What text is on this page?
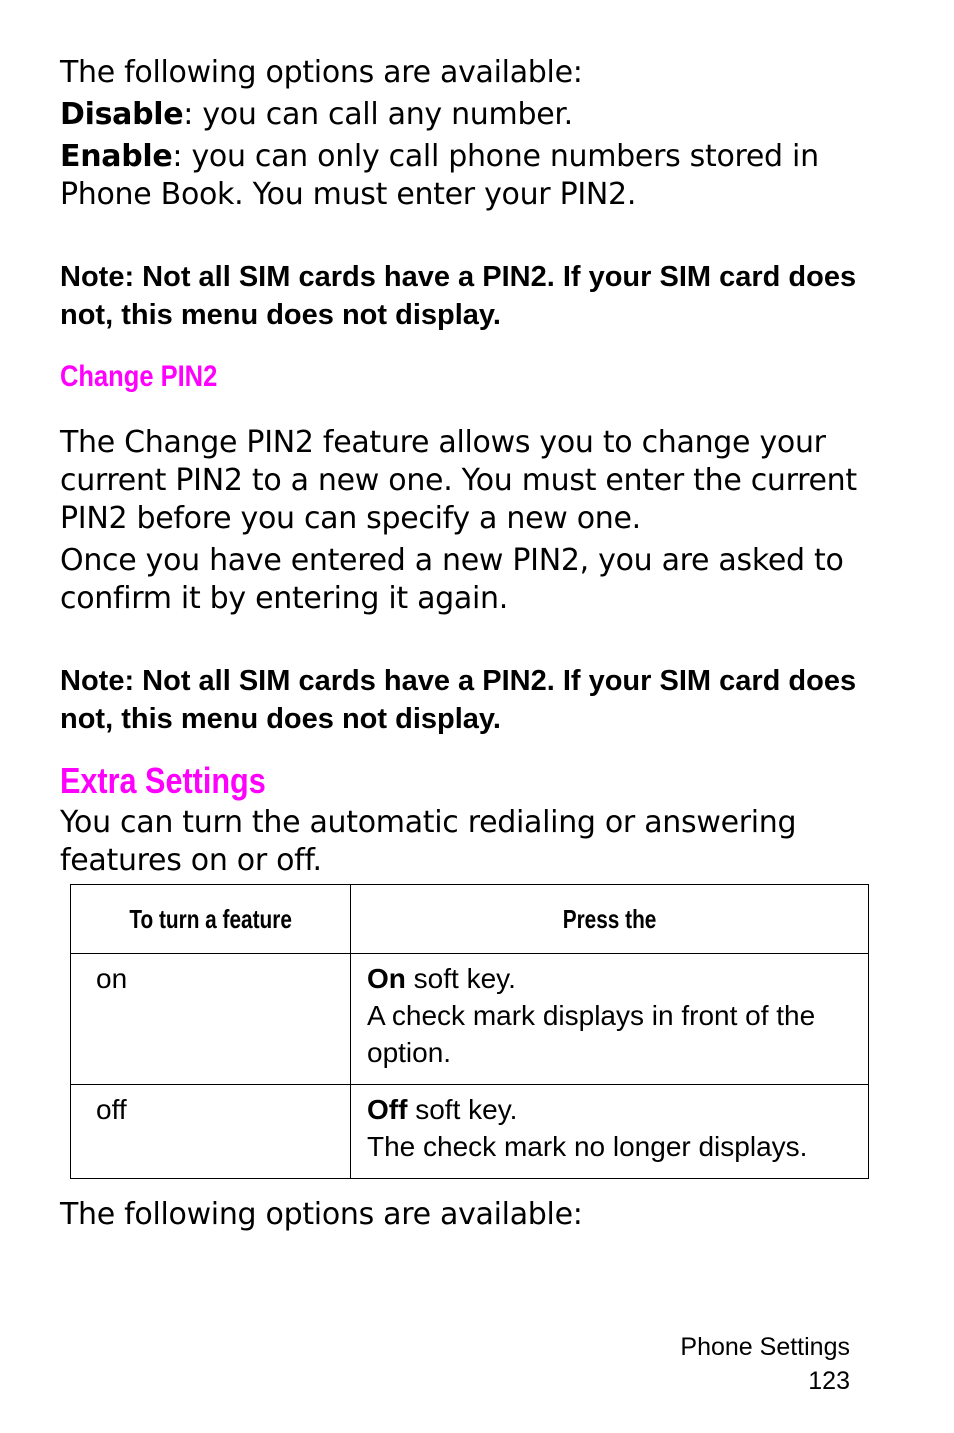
The following options are available:

Disable: you can call any number.

Enable: you can only call phone numbers stored in Phone Book. You must enter your PIN2.

Note: Not all SIM cards have a PIN2. If your SIM card does not, this menu does not display.

Change PIN2

The Change PIN2 feature allows you to change your current PIN2 to a new one. You must enter the current PIN2 before you can specify a new one.

Once you have entered a new PIN2, you are asked to confirm it by entering it again.

Note: Not all SIM cards have a PIN2. If your SIM card does not, this menu does not display.

Extra Settings

You can turn the automatic redialing or answering features on or off.

To turn a feature	Press the
on	On soft key.
A check mark displays in front of the option.

off	Off soft key.
The check mark no longer displays.

The following options are available:

Phone Settings
123
